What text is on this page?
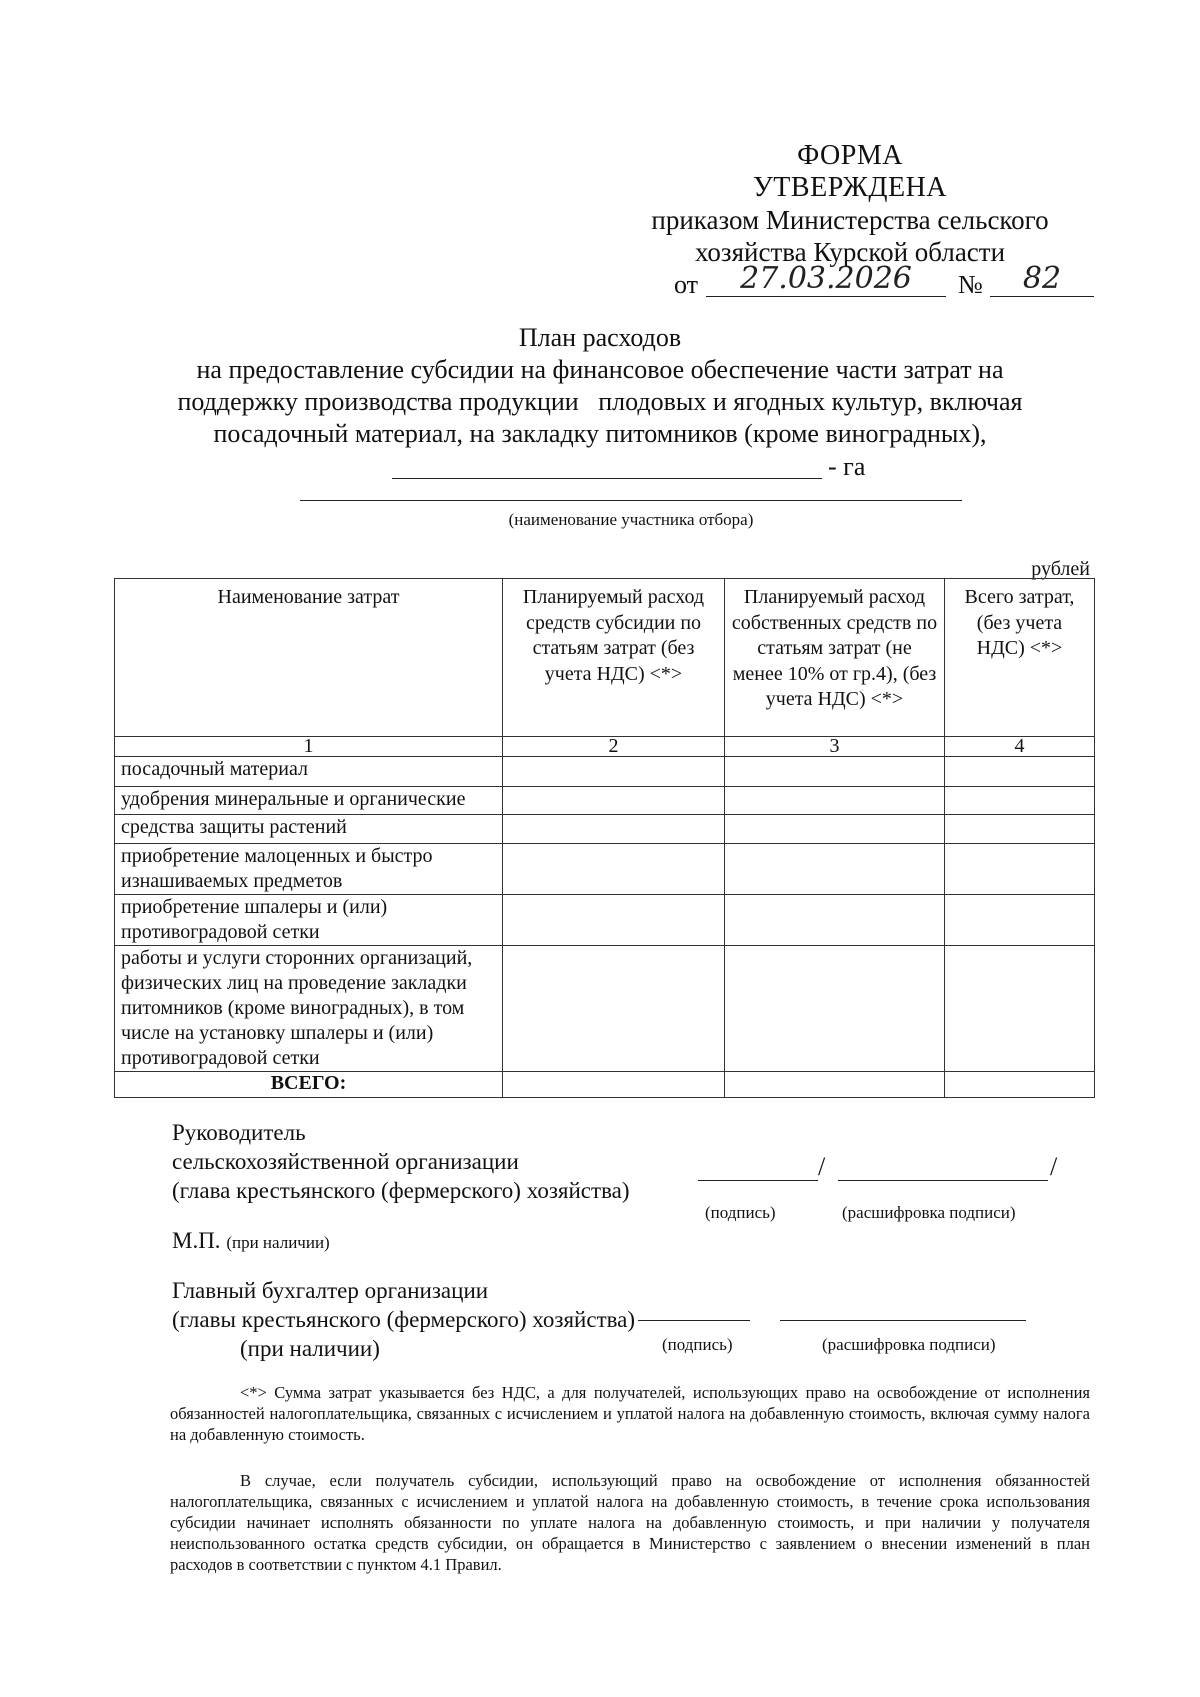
ФОРМА
УТВЕРЖДЕНА
приказом Министерства сельского
хозяйства Курской области
от	27.03.2026	№	82
План расходов
на предоставление субсидии на финансовое обеспечение части затрат на
поддержку производства продукции   плодовых и ягодных культур, включая
посадочный материал, на закладку питомников (кроме виноградных),
- га
(наименование участника отбора)
рублей
Наименование затрат	Планируемый расход средств субсидии по статьям затрат (без учета НДС) <*>	Планируемый расход собственных средств по статьям затрат (не менее 10% от гр.4), (без учета НДС) <*>	Всего затрат, (без учета НДС) <*>
1	2	3	4
посадочный материал			
удобрения минеральные и органические			
средства защиты растений			
приобретение малоценных и быстро изнашиваемых предметов			
приобретение шпалеры и (или) противоградовой сетки			
работы и услуги сторонних организаций, физических лиц на проведение закладки питомников (кроме виноградных), в том числе на установку шпалеры и (или) противоградовой сетки			
ВСЕГО:			
Руководитель
сельскохозяйственной организации
(глава крестьянского (фермерского) хозяйства)
/	/
(подпись)	(расшифровка подписи)
М.П. (при наличии)
Главный бухгалтер организации
(главы крестьянского (фермерского) хозяйства)
(при наличии)	(подпись)	(расшифровка подписи)
<*> Сумма затрат указывается без НДС, а для получателей, использующих право на освобождение от исполнения обязанностей налогоплательщика, связанных с исчислением и уплатой налога на добавленную стоимость, включая сумму налога на добавленную стоимость.
В случае, если получатель субсидии, использующий право на освобождение от исполнения обязанностей налогоплательщика, связанных с исчислением и уплатой налога на добавленную стоимость, в течение срока использования субсидии начинает исполнять обязанности по уплате налога на добавленную стоимость, и при наличии у получателя неиспользованного остатка средств субсидии, он обращается в Министерство с заявлением о внесении изменений в план расходов в соответствии с пунктом 4.1 Правил.
